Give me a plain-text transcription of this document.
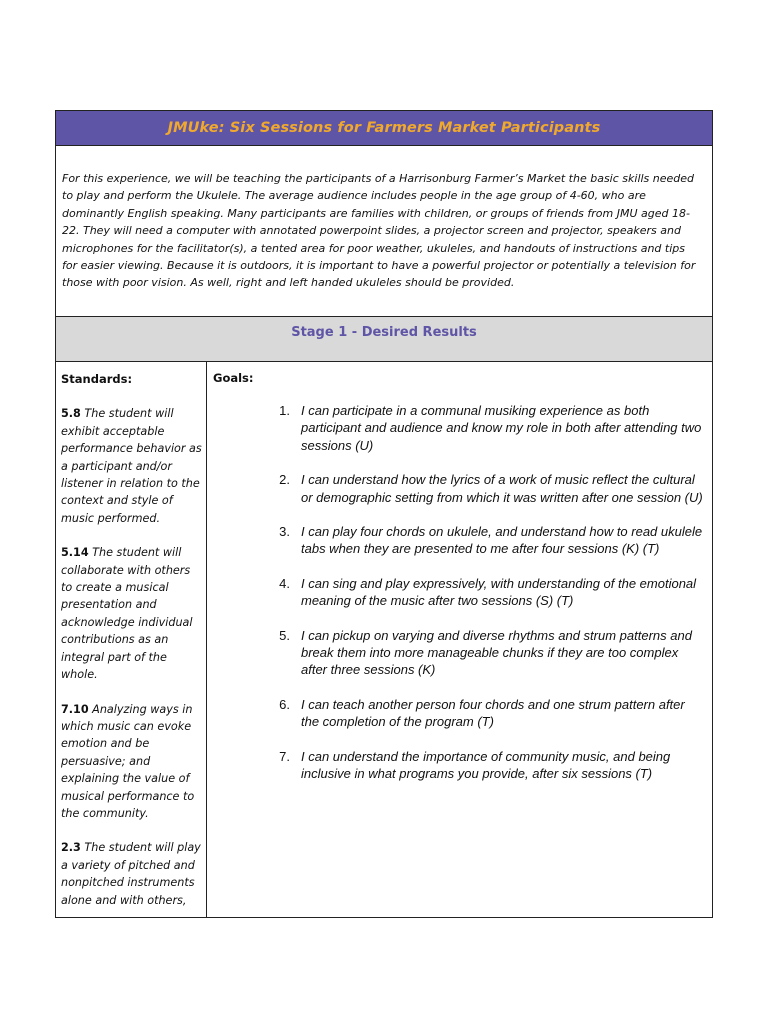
JMUke: Six Sessions for Farmers Market Participants
For this experience, we will be teaching the participants of a Harrisonburg Farmer’s Market the basic skills needed to play and perform the Ukulele. The average audience includes people in the age group of 4-60, who are dominantly English speaking. Many participants are families with children, or groups of friends from JMU aged 18-22. They will need a computer with annotated powerpoint slides, a projector screen and projector, speakers and microphones for the facilitator(s), a tented area for poor weather, ukuleles, and handouts of instructions and tips for easier viewing. Because it is outdoors, it is important to have a powerful projector or potentially a television for those with poor vision. As well, right and left handed ukuleles should be provided.
Stage 1 - Desired Results
Standards:
5.8 The student will exhibit acceptable performance behavior as a participant and/or listener in relation to the context and style of music performed.
5.14 The student will collaborate with others to create a musical presentation and acknowledge individual contributions as an integral part of the whole.
7.10 Analyzing ways in which music can evoke emotion and be persuasive; and explaining the value of musical performance to the community.
2.3 The student will play a variety of pitched and nonpitched instruments alone and with others,
Goals:
1. I can participate in a communal musiking experience as both participant and audience and know my role in both after attending two sessions (U)
2. I can understand how the lyrics of a work of music reflect the cultural or demographic setting from which it was written after one session (U)
3. I can play four chords on ukulele, and understand how to read ukulele tabs when they are presented to me after four sessions (K) (T)
4. I can sing and play expressively, with understanding of the emotional meaning of the music after two sessions (S) (T)
5. I can pickup on varying and diverse rhythms and strum patterns and break them into more manageable chunks if they are too complex after three sessions (K)
6. I can teach another person four chords and one strum pattern after the completion of the program (T)
7. I can understand the importance of community music, and being inclusive in what programs you provide, after six sessions (T)
